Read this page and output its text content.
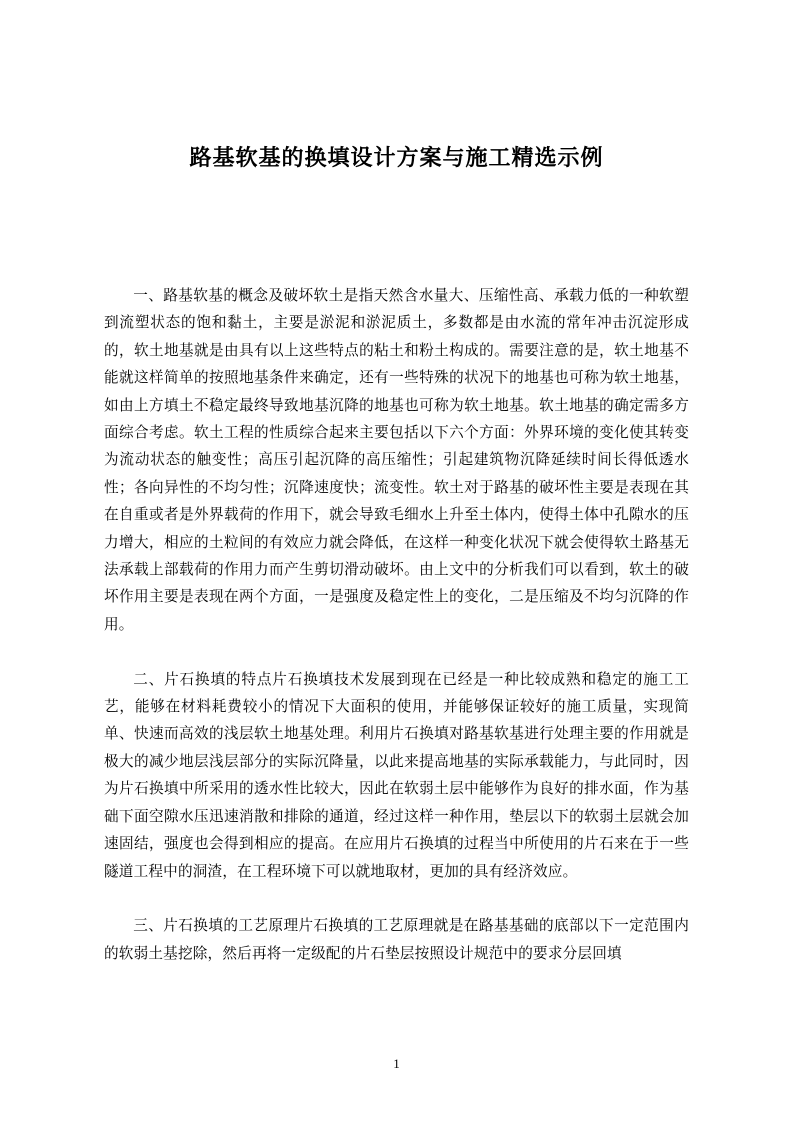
路基软基的换填设计方案与施工精选示例

一、路基软基的概念及破坏软土是指天然含水量大、压缩性高、承载力低的一种软塑到流塑状态的饱和黏土，主要是淤泥和淤泥质土，多数都是由水流的常年冲击沉淀形成的，软土地基就是由具有以上这些特点的粘土和粉土构成的。需要注意的是，软土地基不能就这样简单的按照地基条件来确定，还有一些特殊的状况下的地基也可称为软土地基，如由上方填土不稳定最终导致地基沉降的地基也可称为软土地基。软土地基的确定需多方面综合考虑。软土工程的性质综合起来主要包括以下六个方面：外界环境的变化使其转变为流动状态的触变性；高压引起沉降的高压缩性；引起建筑物沉降延续时间长得低透水性；各向异性的不均匀性；沉降速度快；流变性。软土对于路基的破坏性主要是表现在其在自重或者是外界载荷的作用下，就会导致毛细水上升至土体内，使得土体中孔隙水的压力增大，相应的土粒间的有效应力就会降低，在这样一种变化状况下就会使得软土路基无法承载上部载荷的作用力而产生剪切滑动破坏。由上文中的分析我们可以看到，软土的破坏作用主要是表现在两个方面，一是强度及稳定性上的变化，二是压缩及不均匀沉降的作用。

二、片石换填的特点片石换填技术发展到现在已经是一种比较成熟和稳定的施工工艺，能够在材料耗费较小的情况下大面积的使用，并能够保证较好的施工质量，实现简单、快速而高效的浅层软土地基处理。利用片石换填对路基软基进行处理主要的作用就是极大的减少地层浅层部分的实际沉降量，以此来提高地基的实际承载能力，与此同时，因为片石换填中所采用的透水性比较大，因此在软弱土层中能够作为良好的排水面，作为基础下面空隙水压迅速消散和排除的通道，经过这样一种作用，垫层以下的软弱土层就会加速固结，强度也会得到相应的提高。在应用片石换填的过程当中所使用的片石来在于一些隧道工程中的洞渣，在工程环境下可以就地取材，更加的具有经济效应。

三、片石换填的工艺原理片石换填的工艺原理就是在路基基础的底部以下一定范围内的软弱土基挖除，然后再将一定级配的片石垫层按照设计规范中的要求分层回填

1
